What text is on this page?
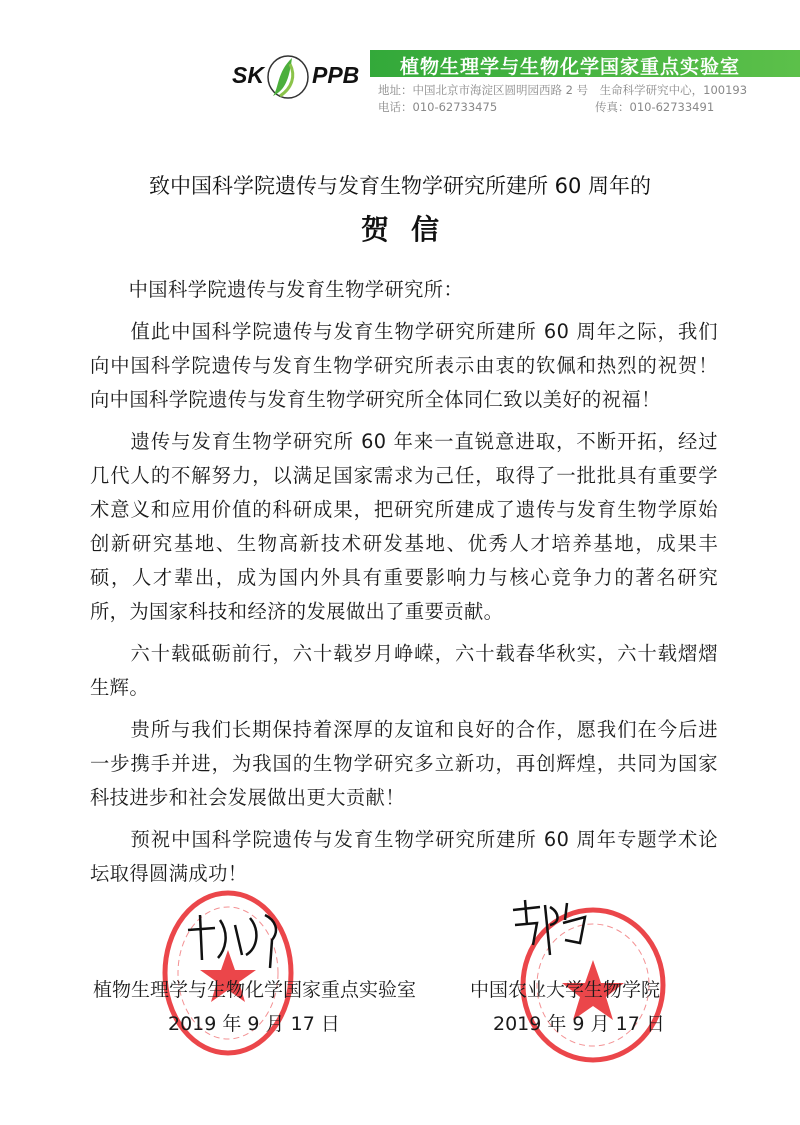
SK PPB 植物生理学与生物化学国家重点实验室
地址：中国北京市海淀区圆明园西路 2 号　生命科学研究中心，100193
电话：010-62733475	传真：010-62733491
致中国科学院遗传与发育生物学研究所建所 60 周年的
贺信

中国科学院遗传与发育生物学研究所：

值此中国科学院遗传与发育生物学研究所建所 60 周年之际，我们向中国科学院遗传与发育生物学研究所表示由衷的钦佩和热烈的祝贺！向中国科学院遗传与发育生物学研究所全体同仁致以美好的祝福！

遗传与发育生物学研究所 60 年来一直锐意进取，不断开拓，经过几代人的不解努力，以满足国家需求为己任，取得了一批批具有重要学术意义和应用价值的科研成果，把研究所建成了遗传与发育生物学原始创新研究基地、生物高新技术研发基地、优秀人才培养基地，成果丰硕，人才辈出，成为国内外具有重要影响力与核心竞争力的著名研究所，为国家科技和经济的发展做出了重要贡献。

六十载砥砺前行，六十载岁月峥嵘，六十载春华秋实，六十载熠熠生辉。

贵所与我们长期保持着深厚的友谊和良好的合作，愿我们在今后进一步携手并进，为我国的生物学研究多立新功，再创辉煌，共同为国家科技进步和社会发展做出更大贡献！

预祝中国科学院遗传与发育生物学研究所建所 60 周年专题学术论坛取得圆满成功！

植物生理学与生物化学国家重点实验室
2019 年 9 月 17 日
中国农业大学生物学院
2019 年 9 月 17 日
